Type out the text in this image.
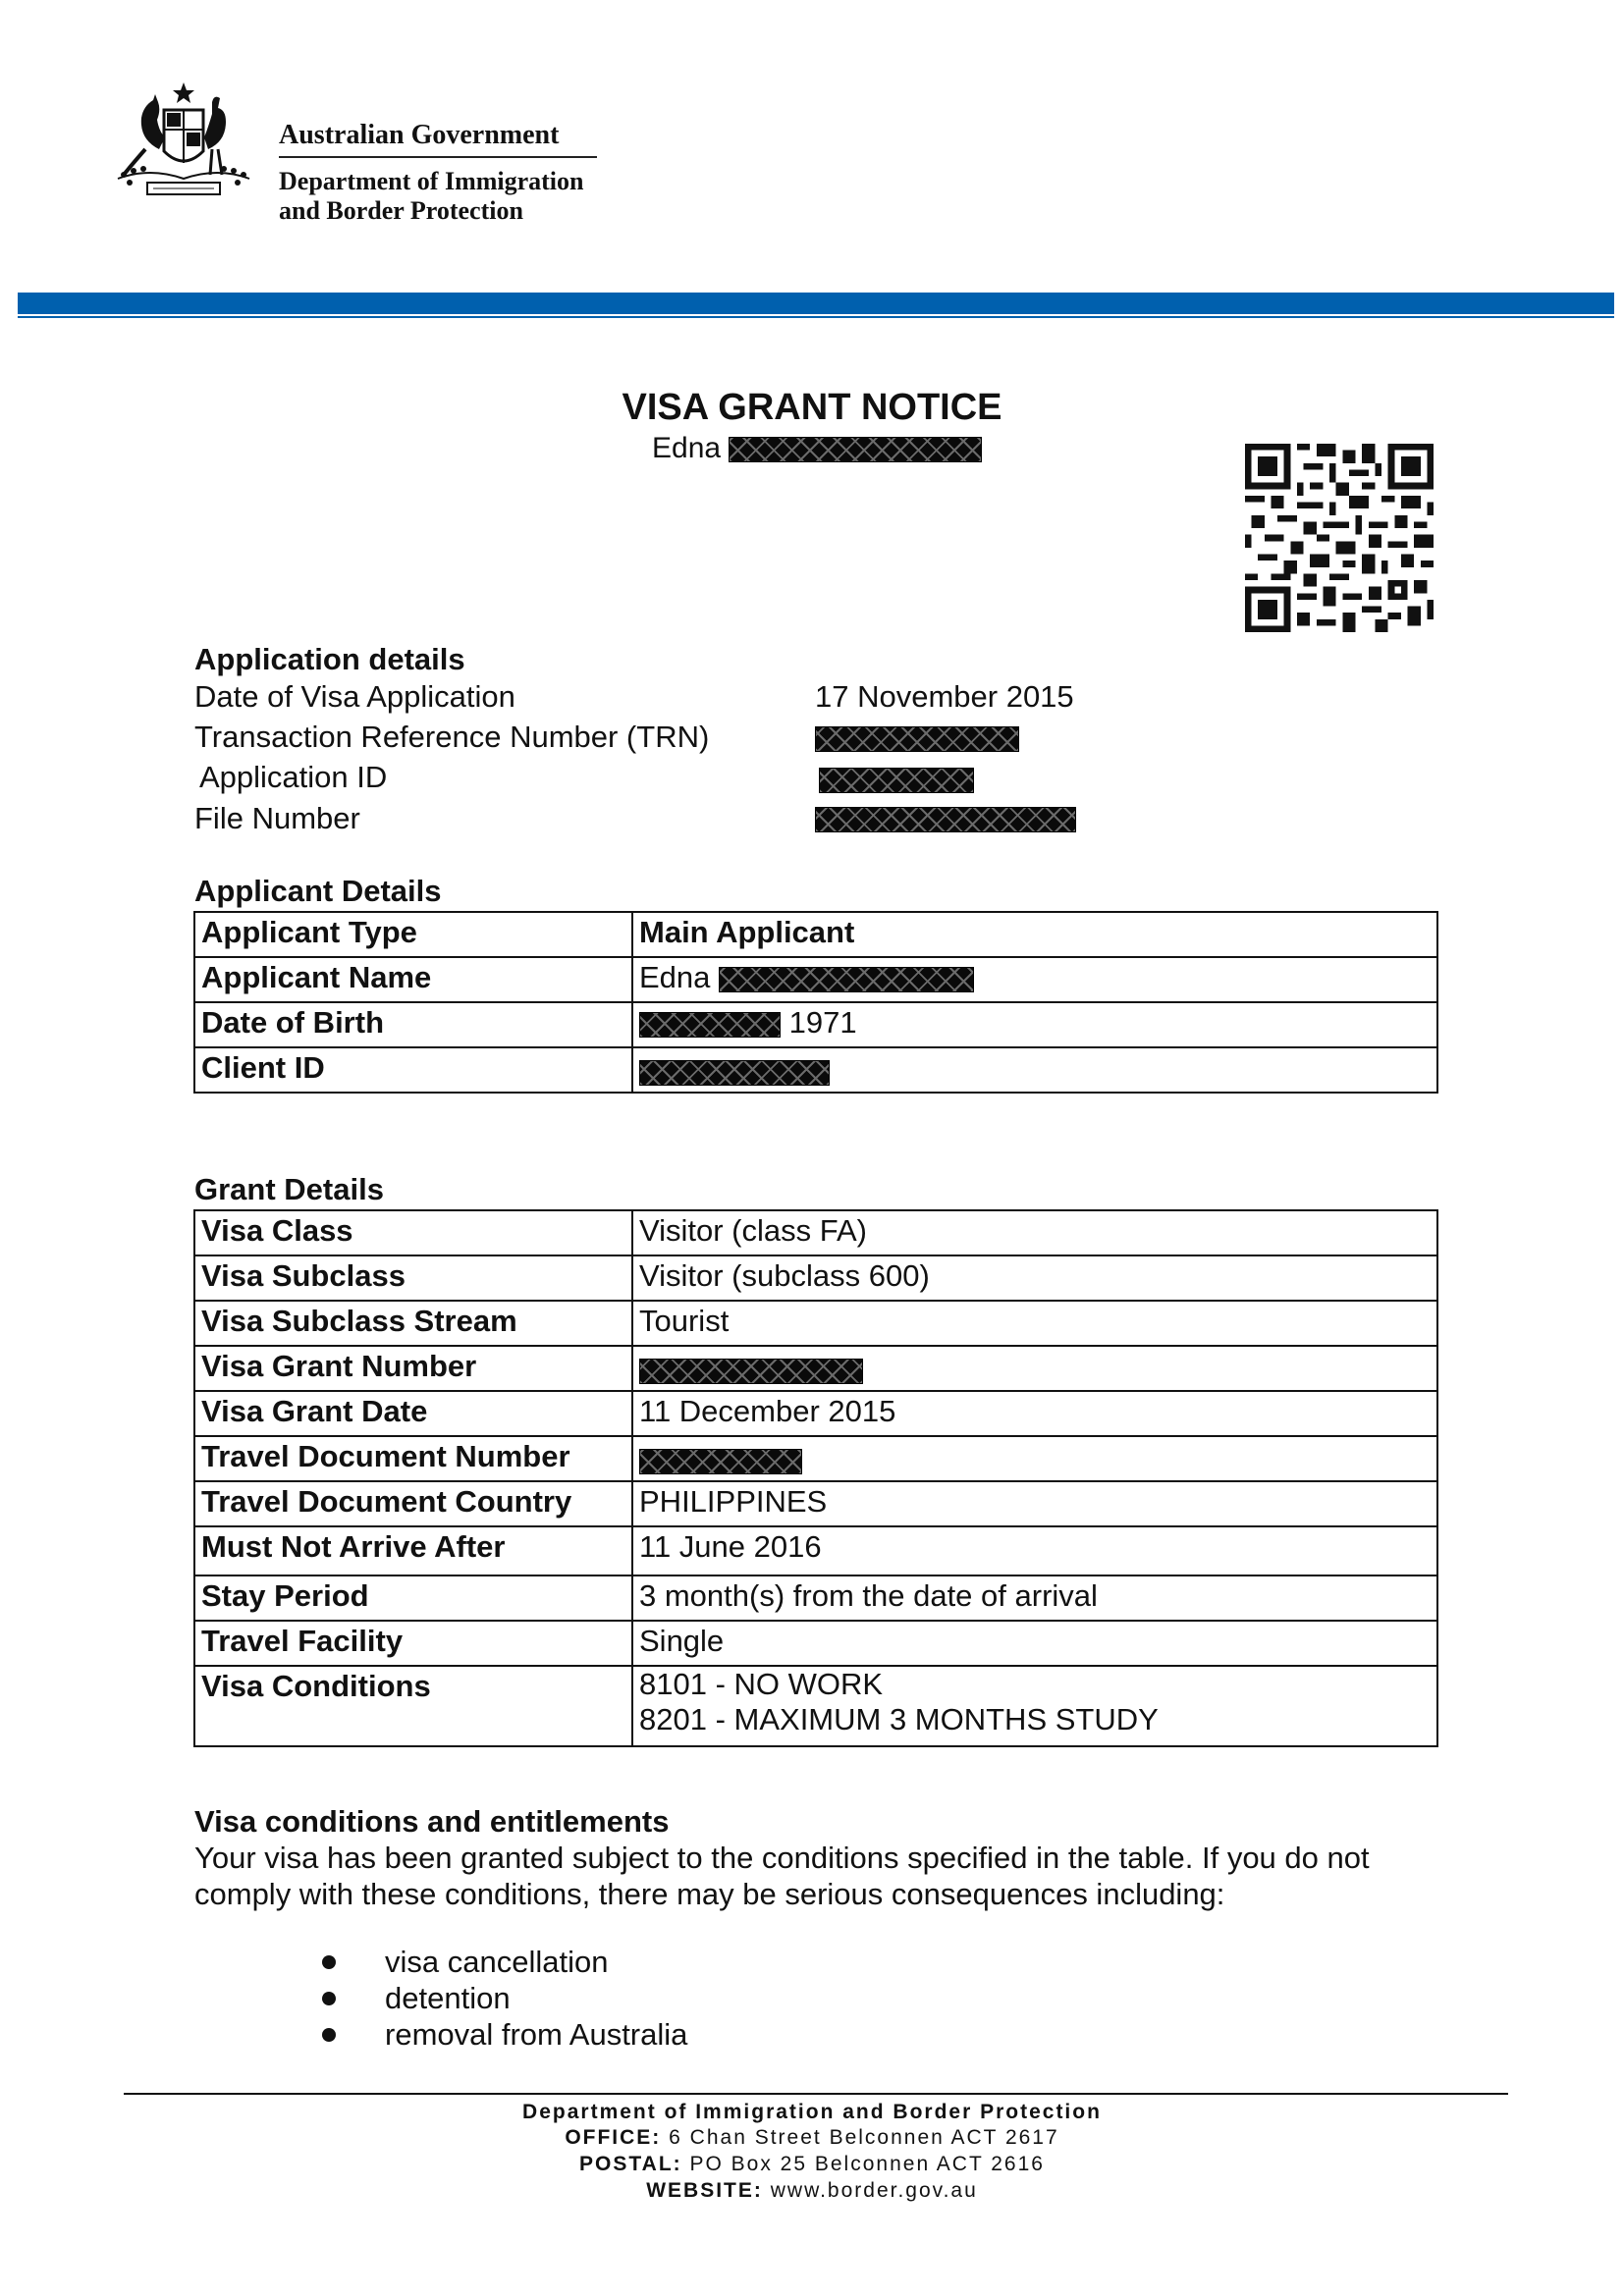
Australian Government
Department of Immigration
and Border Protection
VISA GRANT NOTICE
Edna
Application details
Date of Visa Application	17 November 2015
Transaction Reference Number (TRN)
Application ID
File Number
Applicant Details
Applicant Type	Main Applicant
Applicant Name	Edna
Date of Birth	1971
Client ID	
Grant Details
Visa Class	Visitor (class FA)
Visa Subclass	Visitor (subclass 600)
Visa Subclass Stream	Tourist
Visa Grant Number	
Visa Grant Date	11 December 2015
Travel Document Number	
Travel Document Country	PHILIPPINES
Must Not Arrive After	11 June 2016
Stay Period	3 month(s) from the date of arrival
Travel Facility	Single
Visa Conditions	8101 - NO WORK
8201 - MAXIMUM 3 MONTHS STUDY
Visa conditions and entitlements
Your visa has been granted subject to the conditions specified in the table. If you do not comply with these conditions, there may be serious consequences including:
visa cancellation
detention
removal from Australia
Department of Immigration and Border Protection
OFFICE: 6 Chan Street Belconnen ACT 2617
POSTAL: PO Box 25 Belconnen ACT 2616
WEBSITE: www.border.gov.au
